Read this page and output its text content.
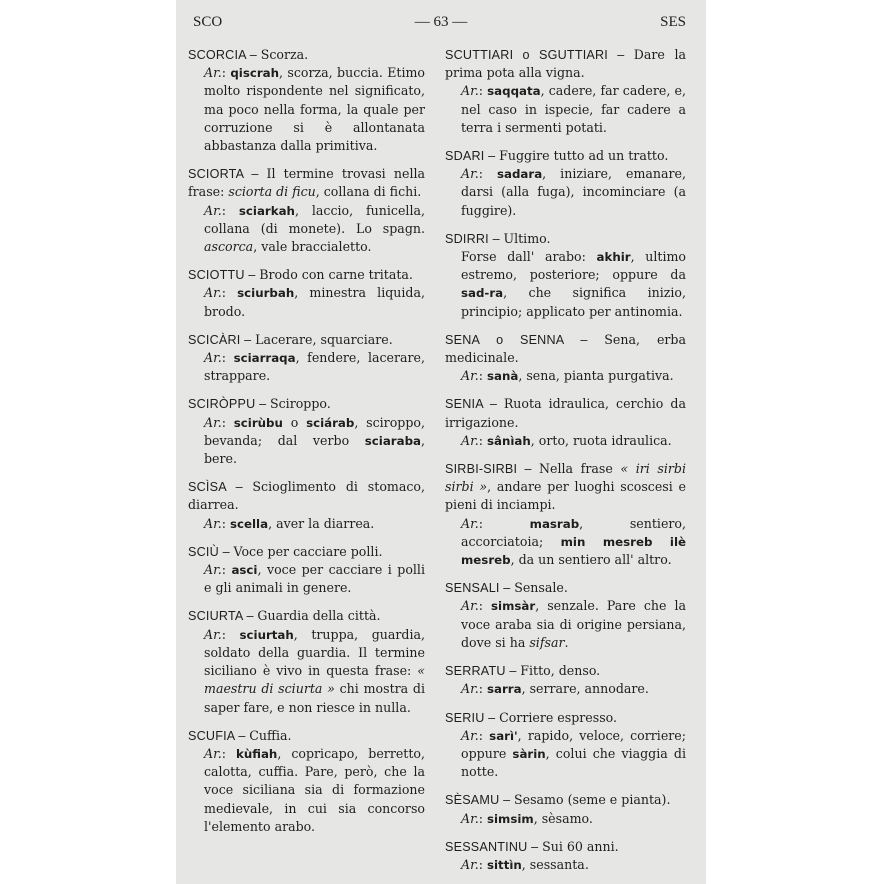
SCO	— 63 —	SES

SCORCIA – Scorza.

Ar.: qiscrah, scorza, buccia. Etimo molto rispondente nel significato, ma poco nella forma, la quale per corruzione si è allontanata abbastanza dalla primitiva.

SCIORTA – Il termine trovasi nella frase: sciorta di ficu, collana di fichi.

Ar.: sciarkah, laccio, funicella, collana (di monete). Lo spagn. ascorca, vale braccialetto.

SCIOTTU – Brodo con carne tritata.

Ar.: sciurbah, minestra liquida, brodo.

SCICÀRI – Lacerare, squarciare.

Ar.: sciarraqa, fendere, lacerare, strappare.

SCIRÒPPU – Sciroppo.

Ar.: scirùbu o sciárab, sciroppo, bevanda; dal verbo sciaraba, bere.

SCÌSA – Scioglimento di stomaco, diarrea.

Ar.: scella, aver la diarrea.

SCIÙ – Voce per cacciare polli.

Ar.: asci, voce per cacciare i polli e gli animali in genere.

SCIURTA – Guardia della città.

Ar.: sciurtah, truppa, guardia, soldato della guardia. Il termine siciliano è vivo in questa frase: « maestru di sciurta » chi mostra di saper fare, e non riesce in nulla.

SCUFIA – Cuffia.

Ar.: kùfiah, copricapo, berretto, calotta, cuffia. Pare, però, che la voce siciliana sia di formazione medievale, in cui sia concorso l'elemento arabo.

SCUTTIARI o SGUTTIARI – Dare la prima pota alla vigna.

Ar.: saqqata, cadere, far cadere, e, nel caso in ispecie, far cadere a terra i sermenti potati.

SDARI – Fuggire tutto ad un tratto.

Ar.: sadara, iniziare, emanare, darsi (alla fuga), incominciare (a fuggire).

SDIRRI – Ultimo.

Forse dall' arabo: akhir, ultimo estremo, posteriore; oppure da sad-ra, che significa inizio, principio; applicato per antinomia.

SENA o SENNA – Sena, erba medicinale.

Ar.: sanà, sena, pianta purgativa.

SENIA – Ruota idraulica, cerchio da irrigazione.

Ar.: sânìah, orto, ruota idraulica.

SIRBI-SIRBI – Nella frase « iri sirbi sirbi », andare per luoghi scoscesi e pieni di inciampi.

Ar.: masrab, sentiero, accorciatoia; min mesreb ilè mesreb, da un sentiero all' altro.

SENSALI – Sensale.

Ar.: simsàr, senzale. Pare che la voce araba sia di origine persiana, dove si ha sifsar.

SERRATU – Fitto, denso.

Ar.: sarra, serrare, annodare.

SERIU – Corriere espresso.

Ar.: sarì', rapido, veloce, corriere; oppure sàrin, colui che viaggia di notte.

SÈSAMU – Sesamo (seme e pianta).

Ar.: simsim, sèsamo.

SESSANTINU – Sui 60 anni.

Ar.: sittìn, sessanta.
